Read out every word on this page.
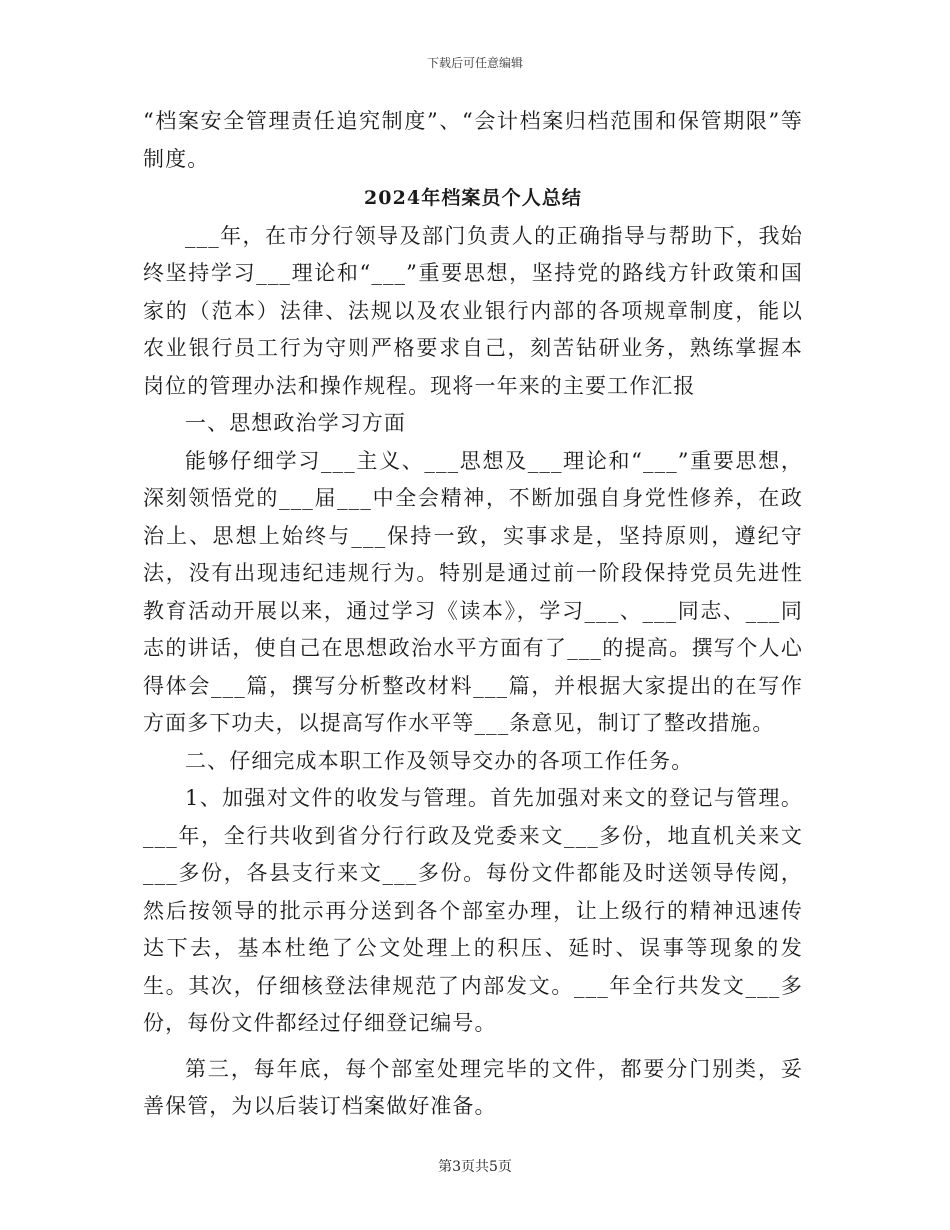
下载后可任意编辑

“档案安全管理责任追究制度”、“会计档案归档范围和保管期限”等制度。

2024年档案员个人总结

___年，在市分行领导及部门负责人的正确指导与帮助下，我始终坚持学习___理论和“___”重要思想，坚持党的路线方针政策和国家的（范本）法律、法规以及农业银行内部的各项规章制度，能以农业银行员工行为守则严格要求自己，刻苦钻研业务，熟练掌握本岗位的管理办法和操作规程。现将一年来的主要工作汇报

一、思想政治学习方面

能够仔细学习___主义、___思想及___理论和“___”重要思想，深刻领悟党的___届___中全会精神，不断加强自身党性修养，在政治上、思想上始终与___保持一致，实事求是，坚持原则，遵纪守法，没有出现违纪违规行为。特别是通过前一阶段保持党员先进性教育活动开展以来，通过学习《读本》，学习___、___同志、___同志的讲话，使自己在思想政治水平方面有了___的提高。撰写个人心得体会___篇，撰写分析整改材料___篇，并根据大家提出的在写作方面多下功夫，以提高写作水平等___条意见，制订了整改措施。

二、仔细完成本职工作及领导交办的各项工作任务。

1、加强对文件的收发与管理。首先加强对来文的登记与管理。___年，全行共收到省分行行政及党委来文___多份，地直机关来文___多份，各县支行来文___多份。每份文件都能及时送领导传阅，然后按领导的批示再分送到各个部室办理，让上级行的精神迅速传达下去，基本杜绝了公文处理上的积压、延时、误事等现象的发生。其次，仔细核登法律规范了内部发文。___年全行共发文___多份，每份文件都经过仔细登记编号。

第三，每年底，每个部室处理完毕的文件，都要分门别类，妥善保管，为以后装订档案做好准备。

第3页共5页
